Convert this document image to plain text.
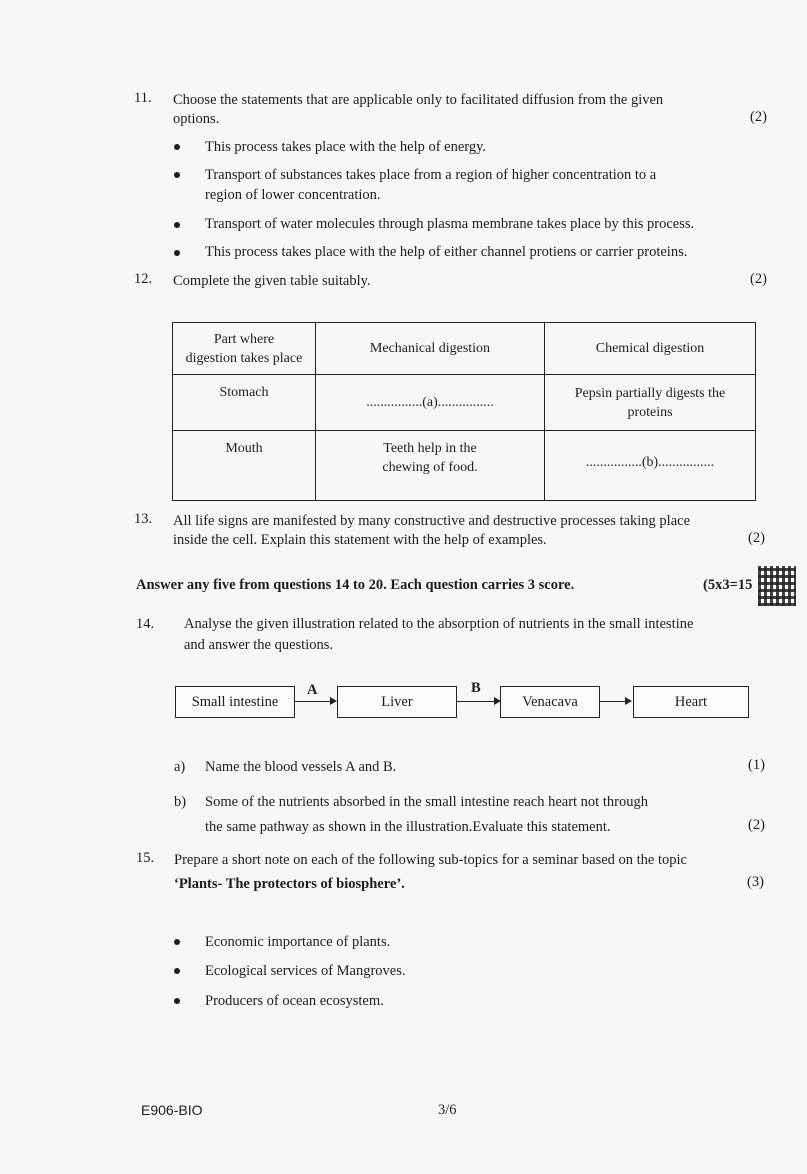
11. Choose the statements that are applicable only to facilitated diffusion from the given
options.	(2)
This process takes place with the help of energy.
Transport of substances takes place from a region of higher concentration to a
region of lower concentration.
Transport of water molecules through plasma membrane takes place by this process.
This process takes place with the help of either channel protiens or carrier proteins.
12. Complete the given table suitably.	(2)
Part where
digestion takes place	Mechanical digestion	Chemical digestion
Stomach	................(a)................	Pepsin partially digests the
proteins

Mouth	Teeth help in the
chewing of food.	................(b)................
13. All life signs are manifested by many constructive and destructive processes taking place
inside the cell. Explain this statement with the help of examples.	(2)
Answer any five from questions 14 to 20. Each question carries 3 score.	(5x3=15
14. Analyse the given illustration related to the absorption of nutrients in the small intestine
and answer the questions.
Small intestine
A
Liver
B
Venacava	Heart
a) Name the blood vessels A and B.	(1)
b) Some of the nutrients absorbed in the small intestine reach heart not through
the same pathway as shown in the illustration.Evaluate this statement.	(2)
15. Prepare a short note on each of the following sub-topics for a seminar based on the topic
‘Plants- The protectors of biosphere’.	(3)
Economic importance of plants.
Ecological services of Mangroves.
Producers of ocean ecosystem.
E906-BIO	3/6
